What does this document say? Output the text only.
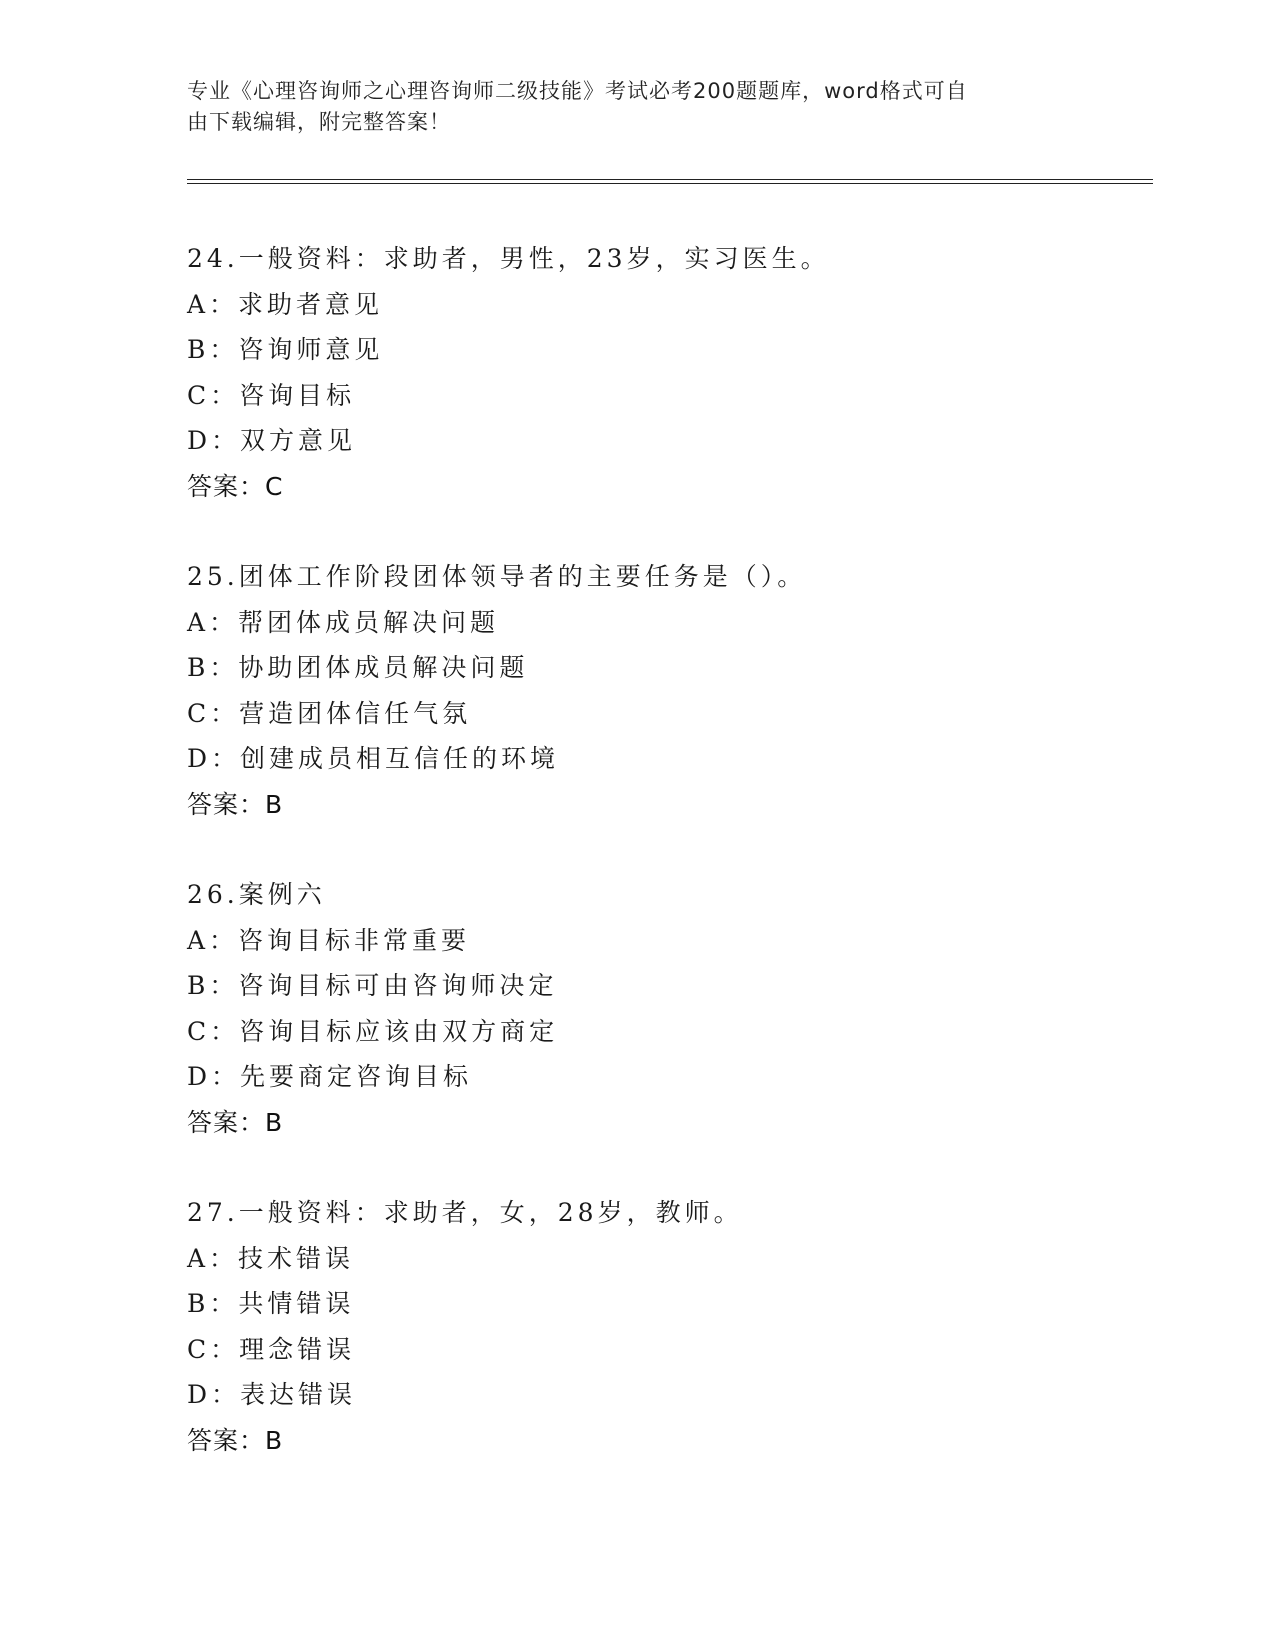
专业《心理咨询师之心理咨询师二级技能》考试必考200题题库，word格式可自
由下载编辑，附完整答案！
24.一般资料：求助者，男性，23岁，实习医生。
A：求助者意见
B：咨询师意见
C：咨询目标
D：双方意见
答案：C
25.团体工作阶段团体领导者的主要任务是（）。
A：帮团体成员解决问题
B：协助团体成员解决问题
C：营造团体信任气氛
D：创建成员相互信任的环境
答案：B
26.案例六
A：咨询目标非常重要
B：咨询目标可由咨询师决定
C：咨询目标应该由双方商定
D：先要商定咨询目标
答案：B
27.一般资料：求助者，女，28岁，教师。
A：技术错误
B：共情错误
C：理念错误
D：表达错误
答案：B
